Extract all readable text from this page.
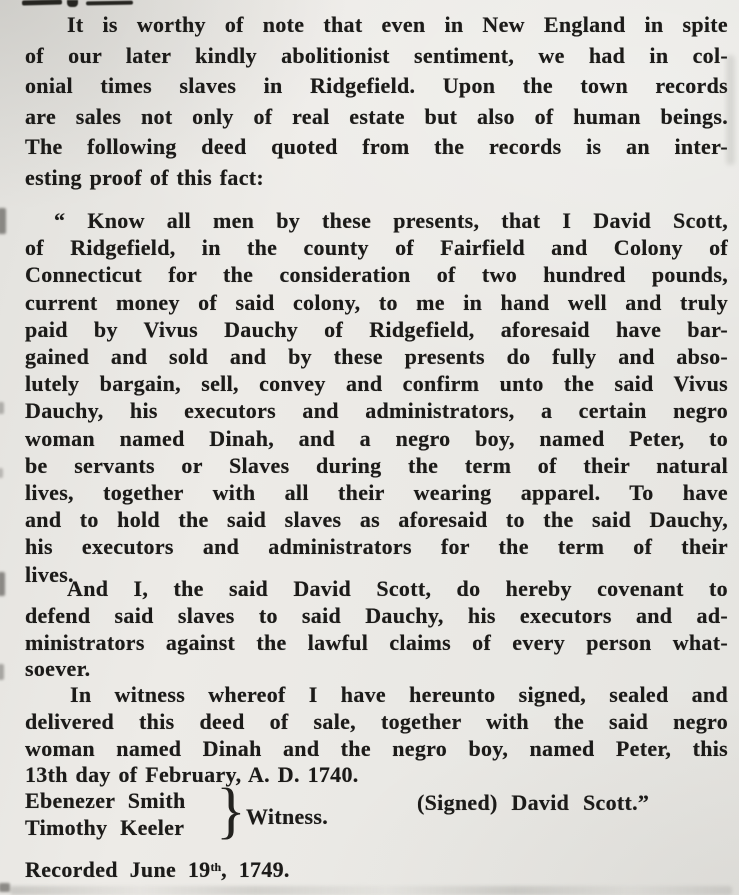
It is worthy of note that even in New England in spite
of our later kindly abolitionist sentiment, we had in col-
onial times slaves in Ridgefield. Upon the town records
are sales not only of real estate but also of human beings.
The following deed quoted from the records is an inter-
esting proof of this fact:
“ Know all men by these presents, that I David Scott,
of Ridgefield, in the county of Fairfield and Colony of
Connecticut for the consideration of two hundred pounds,
current money of said colony, to me in hand well and truly
paid by Vivus Dauchy of Ridgefield, aforesaid have bar-
gained and sold and by these presents do fully and abso-
lutely bargain, sell, convey and confirm unto the said Vivus
Dauchy, his executors and administrators, a certain negro
woman named Dinah, and a negro boy, named Peter, to
be servants or Slaves during the term of their natural
lives, together with all their wearing apparel. To have
and to hold the said slaves as aforesaid to the said Dauchy,
his executors and administrators for the term of their
lives.
And I, the said David Scott, do hereby covenant to
defend said slaves to said Dauchy, his executors and ad-
ministrators against the lawful claims of every person what-
soever.
In witness whereof I have hereunto signed, sealed and
delivered this deed of sale, together with the said negro
woman named Dinah and the negro boy, named Peter, this
13th day of February, A. D. 1740.
Ebenezer Smith
Timothy Keeler } Witness.
(Signed) David Scott.”
Recorded June 19th, 1749.
